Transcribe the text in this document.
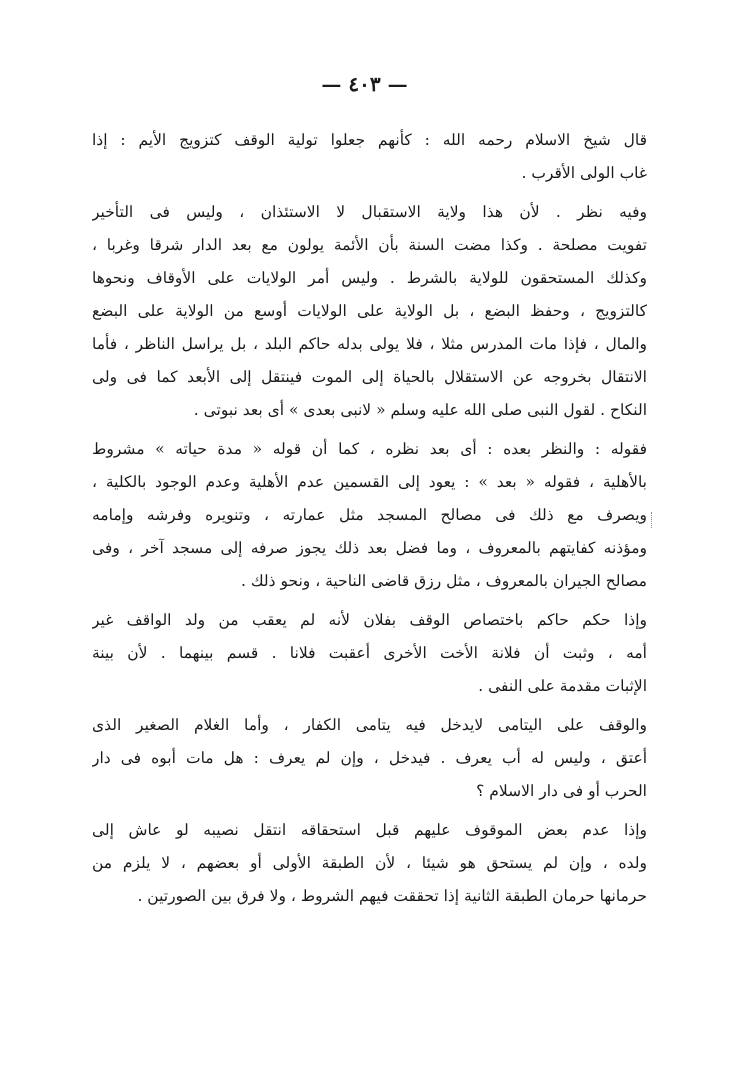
— ٤٠٣ —
قال شيخ الاسلام رحمه الله : كأنهم جعلوا تولية الوقف كتزويج الأيم : إذا
غاب الولى الأقرب .
وفيه نظر . لأن هذا ولاية الاستقبال لا الاستئذان ، وليس فى التأخير
تفويت مصلحة . وكذا مضت السنة بأن الأئمة يولون مع بعد الدار شرقا وغربا ،
وكذلك المستحقون للولاية بالشرط . وليس أمر الولايات على الأوقاف ونحوها
كالتزويج ، وحفظ البضع ، بل الولاية على الولايات أوسع من الولاية على البضع
والمال ، فإذا مات المدرس مثلا ، فلا يولى بدله حاكم البلد ، بل يراسل الناظر ، فأما
الانتقال بخروجه عن الاستقلال بالحياة إلى الموت فينتقل إلى الأبعد كما فى ولى
النكاح . لقول النبى صلى الله عليه وسلم « لانبى بعدى » أى بعد نبوتى .
فقوله : والنظر بعده : أى بعد نظره ، كما أن قوله « مدة حياته » مشروط
بالأهلية ، فقوله « بعد » : يعود إلى القسمين عدم الأهلية وعدم الوجود بالكلية ،
ويصرف مع ذلك فى مصالح المسجد مثل عمارته ، وتنويره وفرشه وإمامه
ومؤذنه كفايتهم بالمعروف ، وما فضل بعد ذلك يجوز صرفه إلى مسجد آخر ، وفى
مصالح الجيران بالمعروف ، مثل رزق قاضى الناحية ، ونحو ذلك .
وإذا حكم حاكم باختصاص الوقف بفلان لأنه لم يعقب من ولد الواقف غير
أمه ، وثبت أن فلانة الأخت الأخرى أعقبت فلانا . قسم بينهما . لأن بينة
الإثبات مقدمة على النفى .
والوقف على اليتامى لايدخل فيه يتامى الكفار ، وأما الغلام الصغير الذى
أعتق ، وليس له أب يعرف . فيدخل ، وإن لم يعرف : هل مات أبوه فى دار
الحرب أو فى دار الاسلام ؟
وإذا عدم بعض الموقوف عليهم قبل استحقاقه انتقل نصيبه لو عاش إلى
ولده ، وإن لم يستحق هو شيئا ، لأن الطبقة الأولى أو بعضهم ، لا يلزم من
حرمانها حرمان الطبقة الثانية إذا تحققت فيهم الشروط ، ولا فرق بين الصورتين .
